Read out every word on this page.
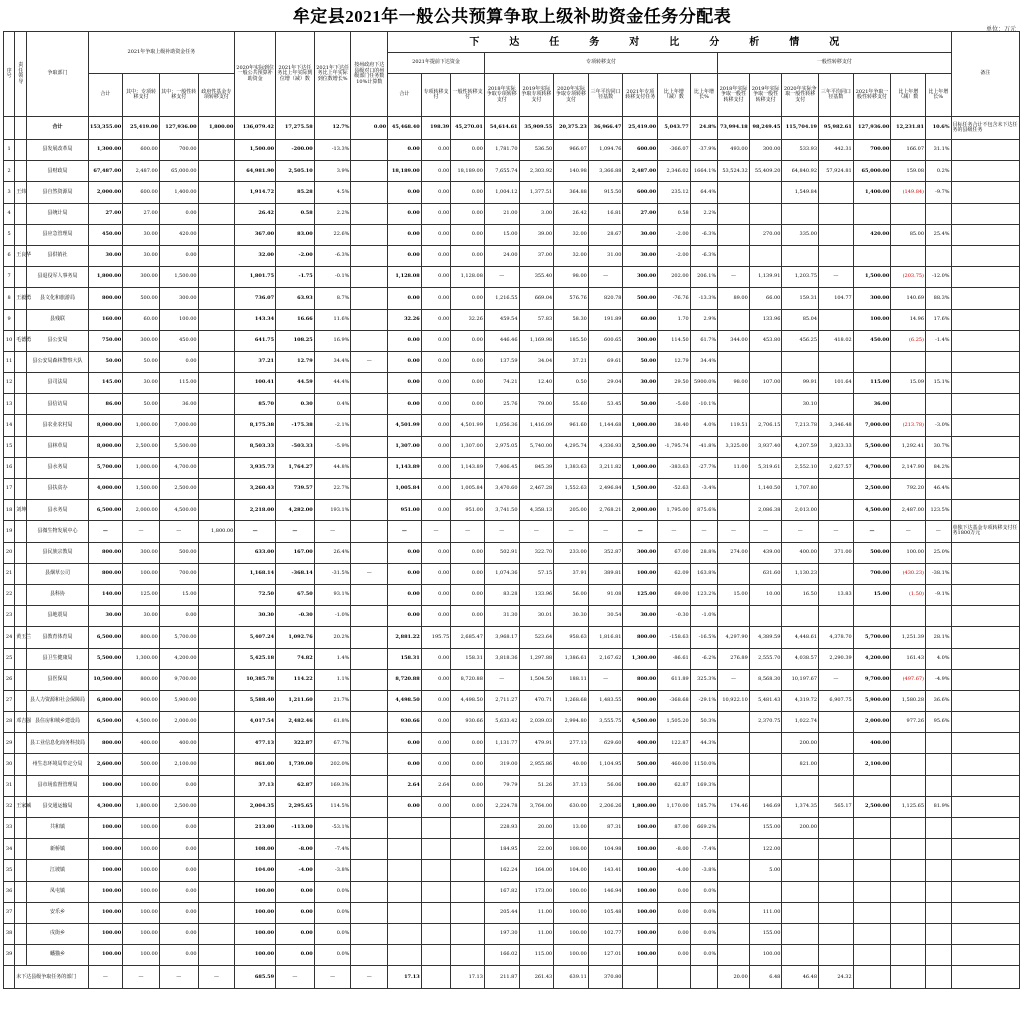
牟定县2021年一般公共预算争取上级补助资金任务分配表
单位：万元
序号	责任领导	争取部门	2021年争取上级补助资金任务				2020年实际到位一般公共预算补助资金	2021年下达任务比上年实际到位增（减）数	2021年下达任务比上年实际到位数增长%	按州政府下达县级对口的州级部门任务数10%计算数	下达任务对比分析情况																	备注
											2021年提前下达资金			专项转移支付							一般性转移支付							
			合计	其中：专项转移支付	其中：一般性转移支付	政府性基金专项转移支付					合计	专项转移支付	一般性转移支付	2018年实际争取专项转移支付	2019年实际争取专项转移支付	2020年实际争取专项转移支付	三年平均同口径基数	2021年专项转移支付任务	比上年增（减）数	比上年增长%	2018年实际争取一般性转移支付	2019年实际争取一般性转移支付	2020年实际争取一般性转移支付	三年平均同口径基数	2021年争取一般性转移支付	比上年增（减）数	比上年增长%	
		合计	153,355.00	25,419.00	127,936.00	1,800.00	136,079.42	17,275.58	12.7%	0.00	45,468.40	198.39	45,270.01	54,614.61	35,909.55	20,375.23	36,966.47	25,419.00	5,043.77	24.8%	73,994.18	98,249.45	115,704.19	95,982.61	127,936.00	12,231.81	10.6%	目标任务合计不包含未下达任务的县级任务
1		县发展改革局	1,300.00	600.00	700.00		1,500.00	-200.00	-13.3%		0.00	0.00	0.00	1,781.70	536.50	966.07	1,094.76	600.00	-366.07	-37.9%	493.00	300.00	533.93	442.31	700.00	166.07	31.1%	
2		县财政局	67,487.00	2,487.00	65,000.00		64,981.90	2,505.10	3.9%		18,189.00	0.00	18,189.00	7,655.74	2,303.92	140.98	3,366.88	2,487.00	2,346.02	1664.1%	53,524.32	55,409.20	64,840.92	57,924.81	65,000.00	159.08	0.2%	
3	王炜	县自然资源局	2,000.00	600.00	1,400.00		1,914.72	85.28	4.5%		0.00	0.00	0.00	1,004.12	1,377.51	364.88	915.50	600.00	235.12	64.4%			1,549.84		1,400.00	(149.84)	-9.7%	
4		县统计局	27.00	27.00	0.00		26.42	0.58	2.2%		0.00	0.00	0.00	21.00	3.00	26.42	16.81	27.00	0.58	2.2%								
5		县应急管理局	450.00	30.00	420.00		367.00	83.00	22.6%		0.00	0.00	0.00	15.00	39.00	32.00	28.67	30.00	-2.00	-6.3%		270.00	335.00		420.00	85.00	25.4%	
6	王良华	县供销社	30.00	30.00	0.00		32.00	-2.00	-6.3%		0.00	0.00	0.00	24.00	37.00	32.00	31.00	30.00	-2.00	-6.3%								
7		县退役军人事务局	1,800.00	300.00	1,500.00		1,801.75	-1.75	-0.1%		1,128.08	0.00	1,128.08	—	355.40	98.00	—	300.00	202.00	206.1%	—	1,139.91	1,203.75	—	1,500.00	(203.75)	-12.0%	
8	王毅勇	县文化和旅游局	800.00	500.00	300.00		736.07	63.93	8.7%		0.00	0.00	0.00	1,216.55	669.04	576.76	820.78	500.00	-76.76	-13.3%	89.00	66.00	159.31	104.77	300.00	140.69	88.3%	
9		县残联	160.00	60.00	100.00		143.34	16.66	11.6%		32.26	0.00	32.26	459.54	57.83	58.30	191.89	60.00	1.70	2.9%		133.96	85.04		100.00	14.96	17.6%	
10	毛德勇	县公安局	750.00	300.00	450.00		641.75	108.25	16.9%		0.00	0.00	0.00	446.46	1,169.98	185.50	600.65	300.00	114.50	61.7%	344.00	453.80	456.25	418.02	450.00	(6.25)	-1.4%	
11		县公安局森林警察大队	50.00	50.00	0.00		37.21	12.79	34.4%	—	0.00	0.00	0.00	137.59	34.04	37.21	69.61	50.00	12.79	34.4%								
12		县司法局	145.00	30.00	115.00		100.41	44.59	44.4%		0.00	0.00	0.00	74.21	12.40	0.50	29.04	30.00	29.50	5900.0%	98.00	107.00	99.91	101.64	115.00	15.09	15.1%	
13		县信访局	86.00	50.00	36.00		85.70	0.30	0.4%		0.00	0.00	0.00	25.76	79.00	55.60	53.45	50.00	-5.60	-10.1%			30.10		36.00			
14		县农业农村局	8,000.00	1,000.00	7,000.00		8,175.38	-175.38	-2.1%		4,501.99	0.00	4,501.99	1,056.36	1,416.09	961.60	1,144.68	1,000.00	38.40	4.0%	119.51	2,706.15	7,213.78	3,346.48	7,000.00	(213.78)	-3.0%	
15		县林草局	8,000.00	2,500.00	5,500.00		8,503.33	-503.33	-5.9%		1,307.00	0.00	1,307.00	2,975.05	5,740.00	4,295.74	4,336.93	2,500.00	-1,795.74	-41.8%	3,325.00	3,937.40	4,207.59	3,823.33	5,500.00	1,292.41	30.7%	
16		县水务局	5,700.00	1,000.00	4,700.00		3,935.73	1,764.27	44.8%		1,143.89	0.00	1,143.89	7,406.45	845.39	1,383.63	3,211.82	1,000.00	-383.63	-27.7%	11.00	5,319.61	2,552.10	2,627.57	4,700.00	2,147.90	84.2%	
17		县扶贫办	4,000.00	1,500.00	2,500.00		3,260.43	739.57	22.7%		1,005.84	0.00	1,005.84	3,470.60	2,467.28	1,552.63	2,496.84	1,500.00	-52.63	-3.4%		1,140.50	1,707.80		2,500.00	792.20	46.4%	
18	刘坤	县水务局	6,500.00	2,000.00	4,500.00		2,218.00	4,282.00	193.1%		951.00	0.00	951.00	3,741.50	4,358.13	205.00	2,768.21	2,000.00	1,795.00	875.6%		2,086.38	2,013.00		4,500.00	2,487.00	123.5%	
19		县微生物发展中心	—	—	—	1,800.00	—	—	—		—	—	—	—	—	—	—	—	—	—	—	—	—	—	—	—	—	单独下达基金专项转移支付任务1800万元
20		县民族宗教局	800.00	300.00	500.00		633.00	167.00	26.4%		0.00	0.00	0.00	502.91	322.70	233.00	352.87	300.00	67.00	28.8%	274.00	439.00	400.00	371.00	500.00	100.00	25.0%	
21		县烟草公司	800.00	100.00	700.00		1,168.14	-368.14	-31.5%	—	0.00	0.00	0.00	1,074.36	57.15	37.91	389.81	100.00	62.09	163.8%		631.60	1,130.23		700.00	(430.23)	-38.1%	
22		县科协	140.00	125.00	15.00		72.50	67.50	93.1%		0.00	0.00	0.00	83.28	133.96	56.00	91.08	125.00	69.00	123.2%	15.00	10.00	16.50	13.83	15.00	(1.50)	-9.1%	
23		县地震局	30.00	30.00	0.00		30.30	-0.30	-1.0%		0.00	0.00	0.00	31.30	30.01	30.30	30.54	30.00	-0.30	-1.0%								
24	黄玉兰	县教育体育局	6,500.00	800.00	5,700.00		5,407.24	1,092.76	20.2%		2,881.22	195.75	2,685.47	3,968.17	523.64	958.63	1,816.81	800.00	-158.63	-16.5%	4,297.90	4,389.59	4,448.61	4,378.70	5,700.00	1,251.39	28.1%	
25		县卫生健康局	5,500.00	1,300.00	4,200.00		5,425.18	74.82	1.4%		158.31	0.00	158.31	3,818.36	1,297.88	1,386.61	2,167.62	1,300.00	-86.61	-6.2%	276.89	2,555.70	4,038.57	2,290.39	4,200.00	161.43	4.0%	
26		县医保局	10,500.00	800.00	9,700.00		10,385.78	114.22	1.1%		8,720.88	0.00	8,720.88	—	1,504.50	188.11	—	800.00	611.89	325.3%	—	8,568.30	10,197.67	—	9,700.00	(497.67)	-4.9%	
27		县人力资源和社会保障局	6,800.00	900.00	5,900.00		5,588.40	1,211.60	21.7%		4,498.50	0.00	4,498.50	2,711.27	470.71	1,268.68	1,483.55	900.00	-368.68	-29.1%	10,922.10	5,481.43	4,319.72	6,907.75	5,900.00	1,580.28	36.6%	
28	邓吉强	县住房和城乡建设局	6,500.00	4,500.00	2,000.00		4,017.54	2,482.46	61.8%		930.66	0.00	930.66	5,633.42	2,039.03	2,994.80	3,555.75	4,500.00	1,505.20	50.3%		2,370.75	1,022.74		2,000.00	977.26	95.6%	
29		县工业信息化商务科技局	800.00	400.00	400.00		477.13	322.87	67.7%		0.00	0.00	0.00	1,131.77	479.91	277.13	629.60	400.00	122.87	44.3%			200.00		400.00			
30		州生态环境局牟定分局	2,600.00	500.00	2,100.00		861.00	1,739.00	202.0%		0.00	0.00	0.00	319.00	2,955.86	40.00	1,104.95	500.00	460.00	1150.0%			821.00		2,100.00			
31		县市场监督管理局	100.00	100.00	0.00		37.13	62.87	169.3%		2.64	2.64	0.00	79.79	51.26	37.13	56.06	100.00	62.87	169.3%								
32	王家臧	县交通运输局	4,300.00	1,800.00	2,500.00		2,004.35	2,295.65	114.5%		0.00	0.00	0.00	2,224.78	3,764.00	630.00	2,206.26	1,800.00	1,170.00	185.7%	174.46	146.69	1,374.35	565.17	2,500.00	1,125.65	81.9%	
33		共和镇	100.00	100.00	0.00		213.00	-113.00	-53.1%					228.93	20.00	13.00	87.31	100.00	87.00	669.2%		155.00	200.00					
34		新桥镇	100.00	100.00	0.00		108.00	-8.00	-7.4%					184.95	22.00	108.00	104.98	100.00	-8.00	-7.4%		122.00						
35		江坡镇	100.00	100.00	0.00		104.00	-4.00	-3.8%					162.24	164.00	104.00	143.41	100.00	-4.00	-3.8%		5.00						
36		凤屯镇	100.00	100.00	0.00		100.00	0.00	0.0%					167.82	173.00	100.00	146.94	100.00	0.00	0.0%								
37		安乐乡	100.00	100.00	0.00		100.00	0.00	0.0%					205.44	11.00	100.00	105.48	100.00	0.00	0.0%		111.00						
38		戌街乡	100.00	100.00	0.00		100.00	0.00	0.0%					197.30	11.00	100.00	102.77	100.00	0.00	0.0%		155.00						
39		蟠猫乡	100.00	100.00	0.00		100.00	0.00	0.0%					166.02	115.00	100.00	127.01	100.00	0.00	0.0%		100.00						
	未下达县级争取任务的部门		—	—	—	—	685.59	—	—	—	17.13		17.13	211.87	261.43	639.11	370.80				20.00	6.48	46.48	24.32				
